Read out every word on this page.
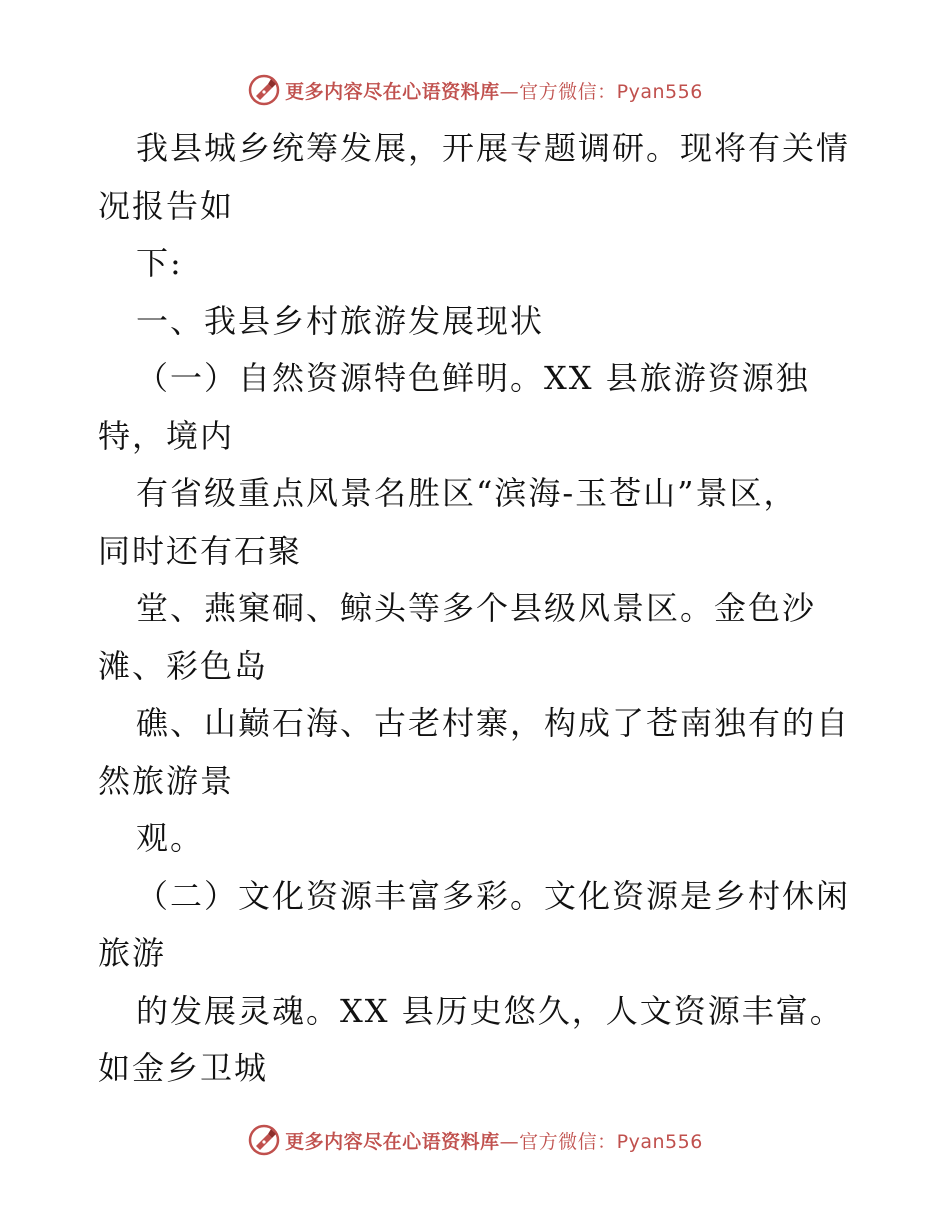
更多内容尽在心语资料库 —官方微信：Pyan556
我县城乡统筹发展，开展专题调研。现将有关情
况报告如
下:
一、我县乡村旅游发展现状
（一）自然资源特色鲜明。XX 县旅游资源独
特，境内
有省级重点风景名胜区“滨海-玉苍山”景区，
同时还有石聚
堂、燕窠硐、鲸头等多个县级风景区。金色沙
滩、彩色岛
礁、山巅石海、古老村寨，构成了苍南独有的自
然旅游景
观。
（二）文化资源丰富多彩。文化资源是乡村休闲
旅游
的发展灵魂。XX 县历史悠久，人文资源丰富。
如金乡卫城
更多内容尽在心语资料库 —官方微信：Pyan556
